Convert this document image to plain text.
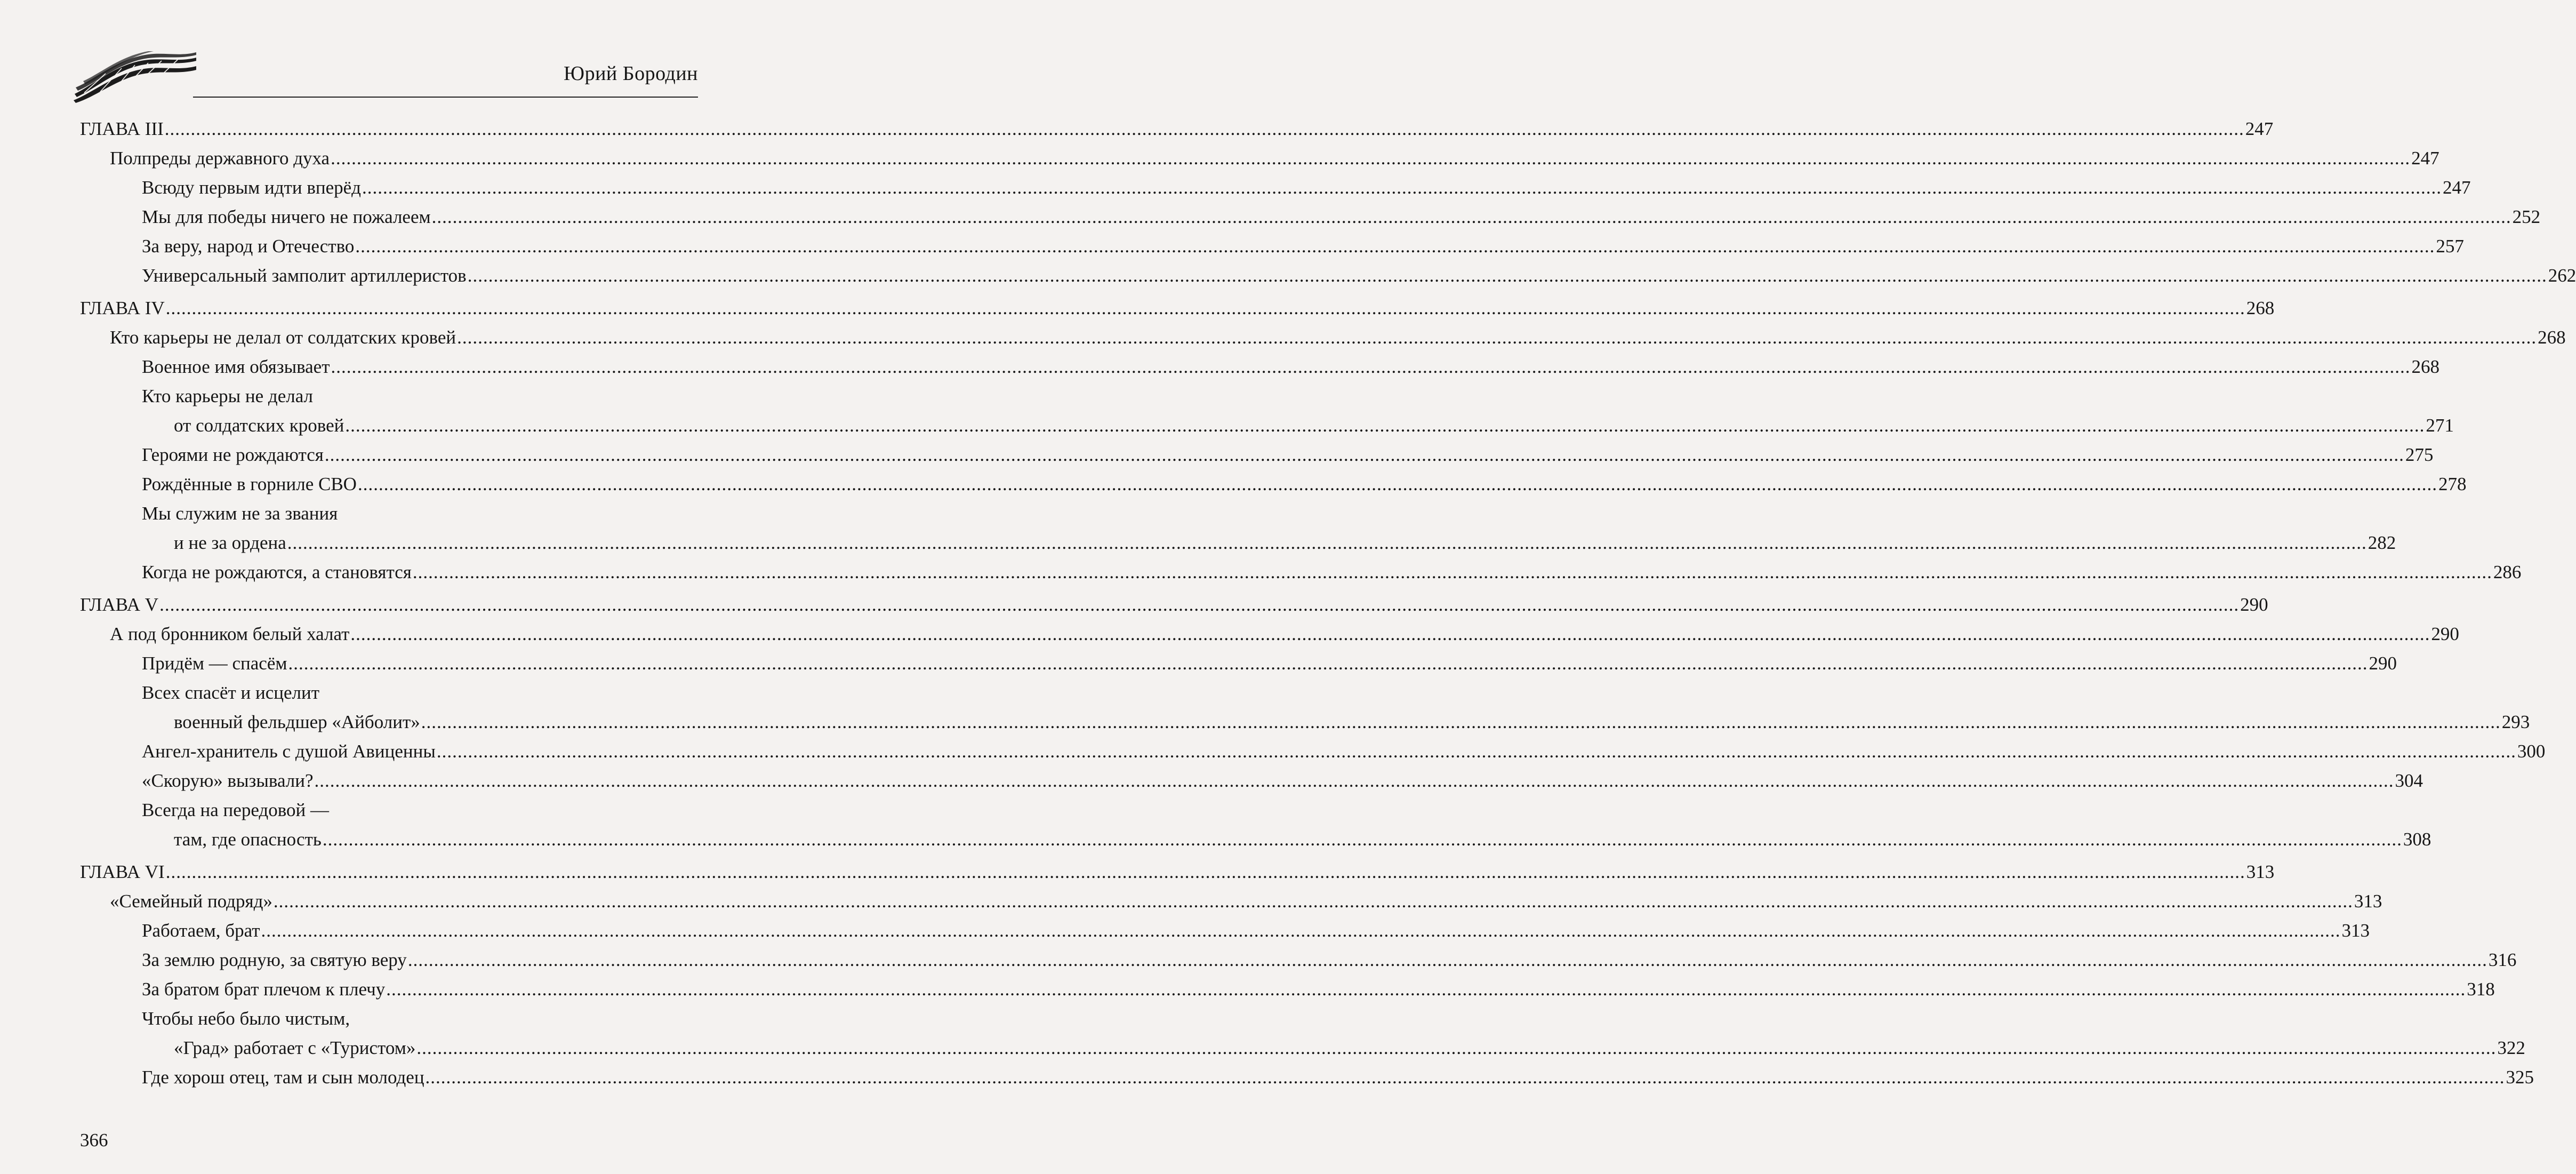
Юрий Бородин
ГЛАВА III ................................................................................................................................................................................................................................................................................................................................................................................................................ 247
Полпреды державного духа ................................................................................................................................................................................................................................................................................................................................................................................................................ 247
Всюду первым идти вперёд ................................................................................................................................................................................................................................................................................................................................................................................................................ 247
Мы для победы ничего не пожалеем ................................................................................................................................................................................................................................................................................................................................................................................................................ 252
За веру, народ и Отечество ................................................................................................................................................................................................................................................................................................................................................................................................................ 257
Универсальный замполит артиллеристов ................................................................................................................................................................................................................................................................................................................................................................................................................ 262
ГЛАВА IV ................................................................................................................................................................................................................................................................................................................................................................................................................ 268
Кто карьеры не делал от солдатских кровей ................................................................................................................................................................................................................................................................................................................................................................................................................ 268
Военное имя обязывает ................................................................................................................................................................................................................................................................................................................................................................................................................ 268
Кто карьеры не делал
от солдатских кровей ................................................................................................................................................................................................................................................................................................................................................................................................................ 271
Героями не рождаются ................................................................................................................................................................................................................................................................................................................................................................................................................ 275
Рождённые в горниле СВО ................................................................................................................................................................................................................................................................................................................................................................................................................ 278
Мы служим не за звания
и не за ордена ................................................................................................................................................................................................................................................................................................................................................................................................................ 282
Когда не рождаются, а становятся ................................................................................................................................................................................................................................................................................................................................................................................................................ 286
ГЛАВА V ................................................................................................................................................................................................................................................................................................................................................................................................................ 290
А под бронником белый халат ................................................................................................................................................................................................................................................................................................................................................................................................................ 290
Придём — спасём ................................................................................................................................................................................................................................................................................................................................................................................................................ 290
Всех спасёт и исцелит
военный фельдшер «Айболит» ................................................................................................................................................................................................................................................................................................................................................................................................................ 293
Ангел-хранитель с душой Авиценны ................................................................................................................................................................................................................................................................................................................................................................................................................ 300
«Скорую» вызывали? ................................................................................................................................................................................................................................................................................................................................................................................................................ 304
Всегда на передовой —
там, где опасность ................................................................................................................................................................................................................................................................................................................................................................................................................ 308
ГЛАВА VI ................................................................................................................................................................................................................................................................................................................................................................................................................ 313
«Семейный подряд» ................................................................................................................................................................................................................................................................................................................................................................................................................ 313
Работаем, брат ................................................................................................................................................................................................................................................................................................................................................................................................................ 313
За землю родную, за святую веру ................................................................................................................................................................................................................................................................................................................................................................................................................ 316
За братом брат плечом к плечу ................................................................................................................................................................................................................................................................................................................................................................................................................ 318
Чтобы небо было чистым,
«Град» работает с «Туристом» ................................................................................................................................................................................................................................................................................................................................................................................................................ 322
Где хорош отец, там и сын молодец ................................................................................................................................................................................................................................................................................................................................................................................................................ 325
366
